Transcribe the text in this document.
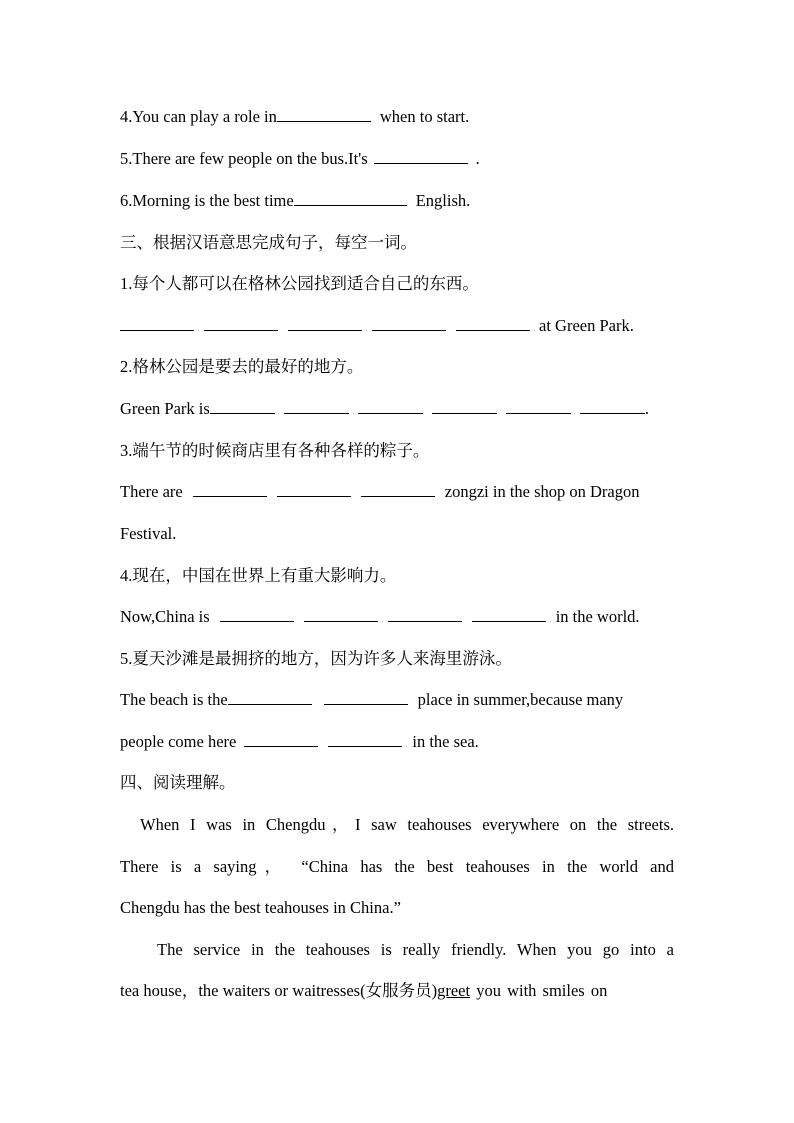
4.You can play a role in	when to start.
5.There are few people on the bus.It's	.
6.Morning is the best time	English.
三、根据汉语意思完成句子，每空一词。
1.每个人都可以在格林公园找到适合自己的东西。
at Green Park.
2.格林公园是要去的最好的地方。
Green Park is	.
3.端午节的时候商店里有各种各样的粽子。
There are	zongzi in the shop on Dragon
Festival.
4.现在，中国在世界上有重大影响力。
Now,China is	in the world.
5.夏天沙滩是最拥挤的地方，因为许多人来海里游泳。
The beach is the	place in summer,because many
people come here	in the sea.
四、阅读理解。
When I was in Chengdu，I saw teahouses everywhere on the streets.
There is a saying， “China has the best teahouses in the world and
Chengdu has the best teahouses in China.”
The service in the teahouses is really friendly. When you go into a
tea house，the waiters or waitresses(女服务员) greet you with smiles on
